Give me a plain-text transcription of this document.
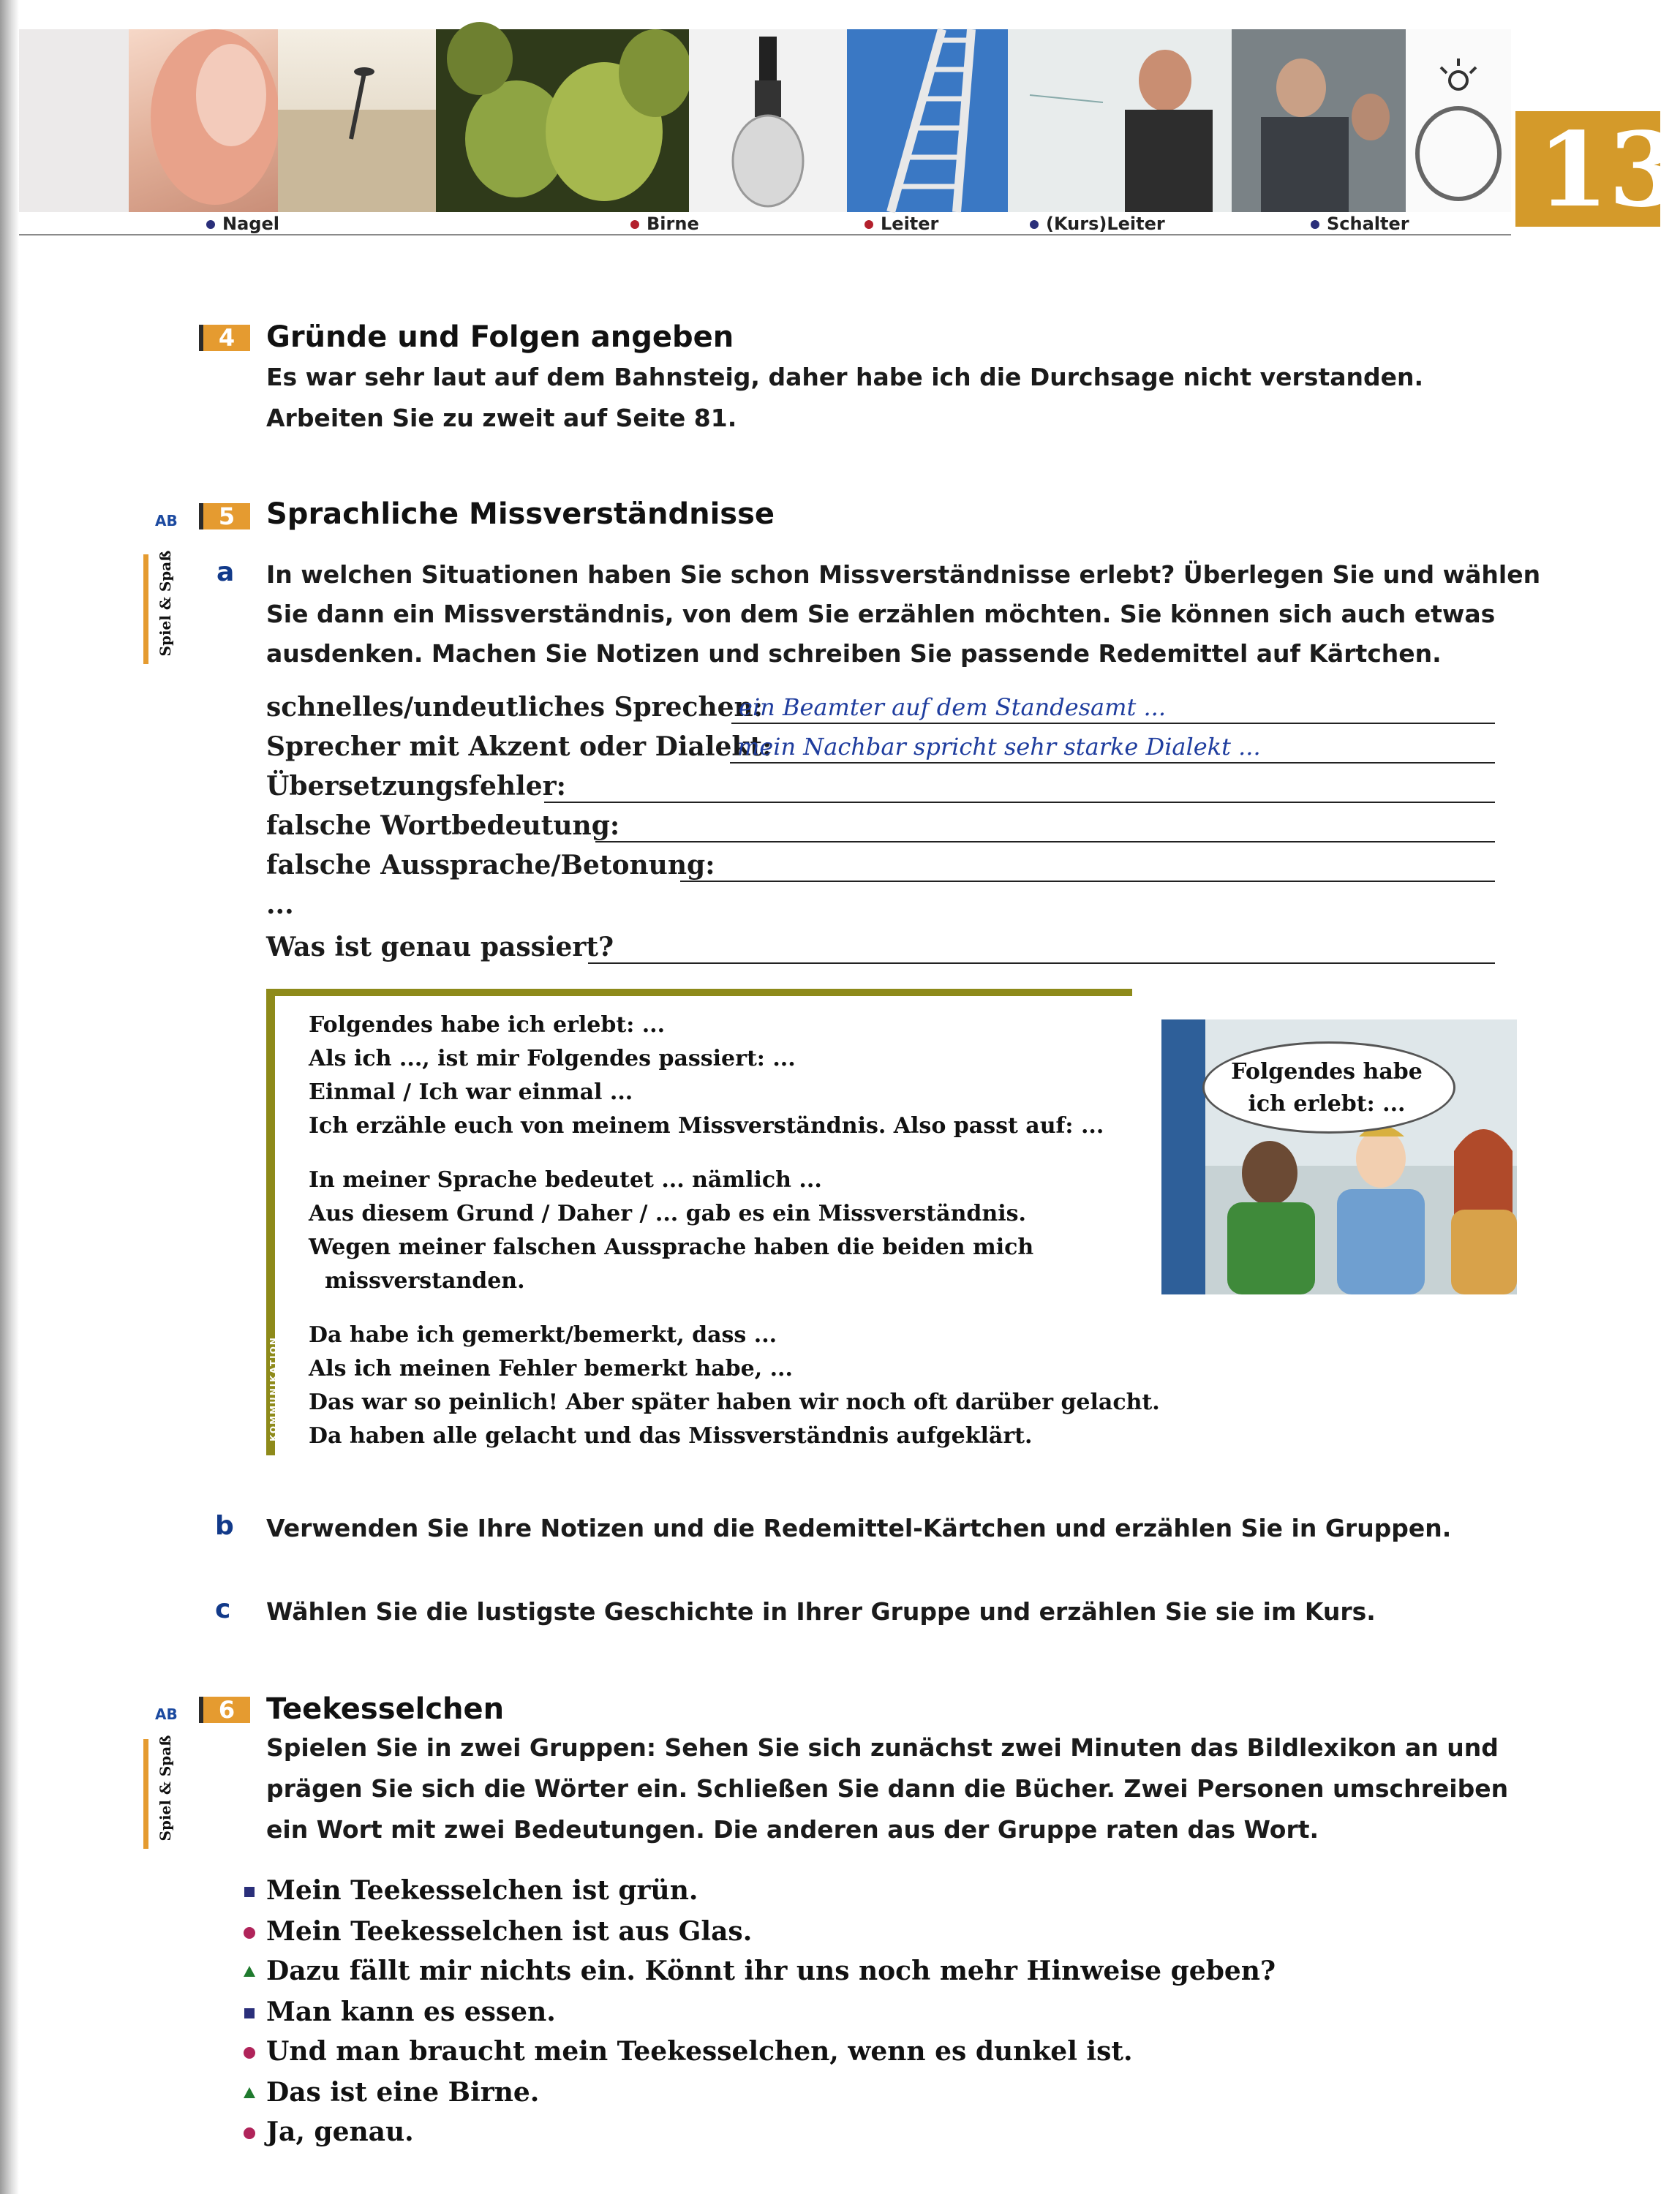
Nagel	Birne	Leiter	(Kurs)Leiter	Schalter 13
4	Gründe und Folgen angeben
Es war sehr laut auf dem Bahnsteig, daher habe ich die Durchsage nicht verstanden.
Arbeiten Sie zu zweit auf Seite 81.
AB	5	Sprachliche Missverständnisse
Spiel & Spaß a In welchen Situationen haben Sie schon Missverständnisse erlebt? Überlegen Sie und wählen
Sie dann ein Missverständnis, von dem Sie erzählen möchten. Sie können sich auch etwas
ausdenken. Machen Sie Notizen und schreiben Sie passende Redemittel auf Kärtchen.
schnelles/undeutliches Sprechen:
ein Beamter auf dem Standesamt ...
Sprecher mit Akzent oder Dialekt:
mein Nachbar spricht sehr starke Dialekt ...
Übersetzungsfehler:
falsche Wortbedeutung:
falsche Aussprache/Betonung:
...
Was ist genau passiert?
KOMMUNIKATION
Folgendes habe ich erlebt: ...
Als ich ..., ist mir Folgendes passiert: ...
Einmal / Ich war einmal ...
Ich erzähle euch von meinem Missverständnis. Also passt auf: ...
In meiner Sprache bedeutet ... nämlich ...
Aus diesem Grund / Daher / ... gab es ein Missverständnis.
Wegen meiner falschen Aussprache haben die beiden mich
missverstanden.
Da habe ich gemerkt/bemerkt, dass ...
Als ich meinen Fehler bemerkt habe, ...
Das war so peinlich! Aber später haben wir noch oft darüber gelacht.
Da haben alle gelacht und das Missverständnis aufgeklärt.
Folgendes habe
ich erlebt: ...
b Verwenden Sie Ihre Notizen und die Redemittel-Kärtchen und erzählen Sie in Gruppen.
c Wählen Sie die lustigste Geschichte in Ihrer Gruppe und erzählen Sie sie im Kurs.
AB	6	Teekesselchen
Spiel & Spaß	Spielen Sie in zwei Gruppen: Sehen Sie sich zunächst zwei Minuten das Bildlexikon an und
prägen Sie sich die Wörter ein. Schließen Sie dann die Bücher. Zwei Personen umschreiben
ein Wort mit zwei Bedeutungen. Die anderen aus der Gruppe raten das Wort.
Mein Teekesselchen ist grün.
Mein Teekesselchen ist aus Glas.
Dazu fällt mir nichts ein. Könnt ihr uns noch mehr Hinweise geben?
Man kann es essen.
Und man braucht mein Teekesselchen, wenn es dunkel ist.
Das ist eine Birne.
Ja, genau.
